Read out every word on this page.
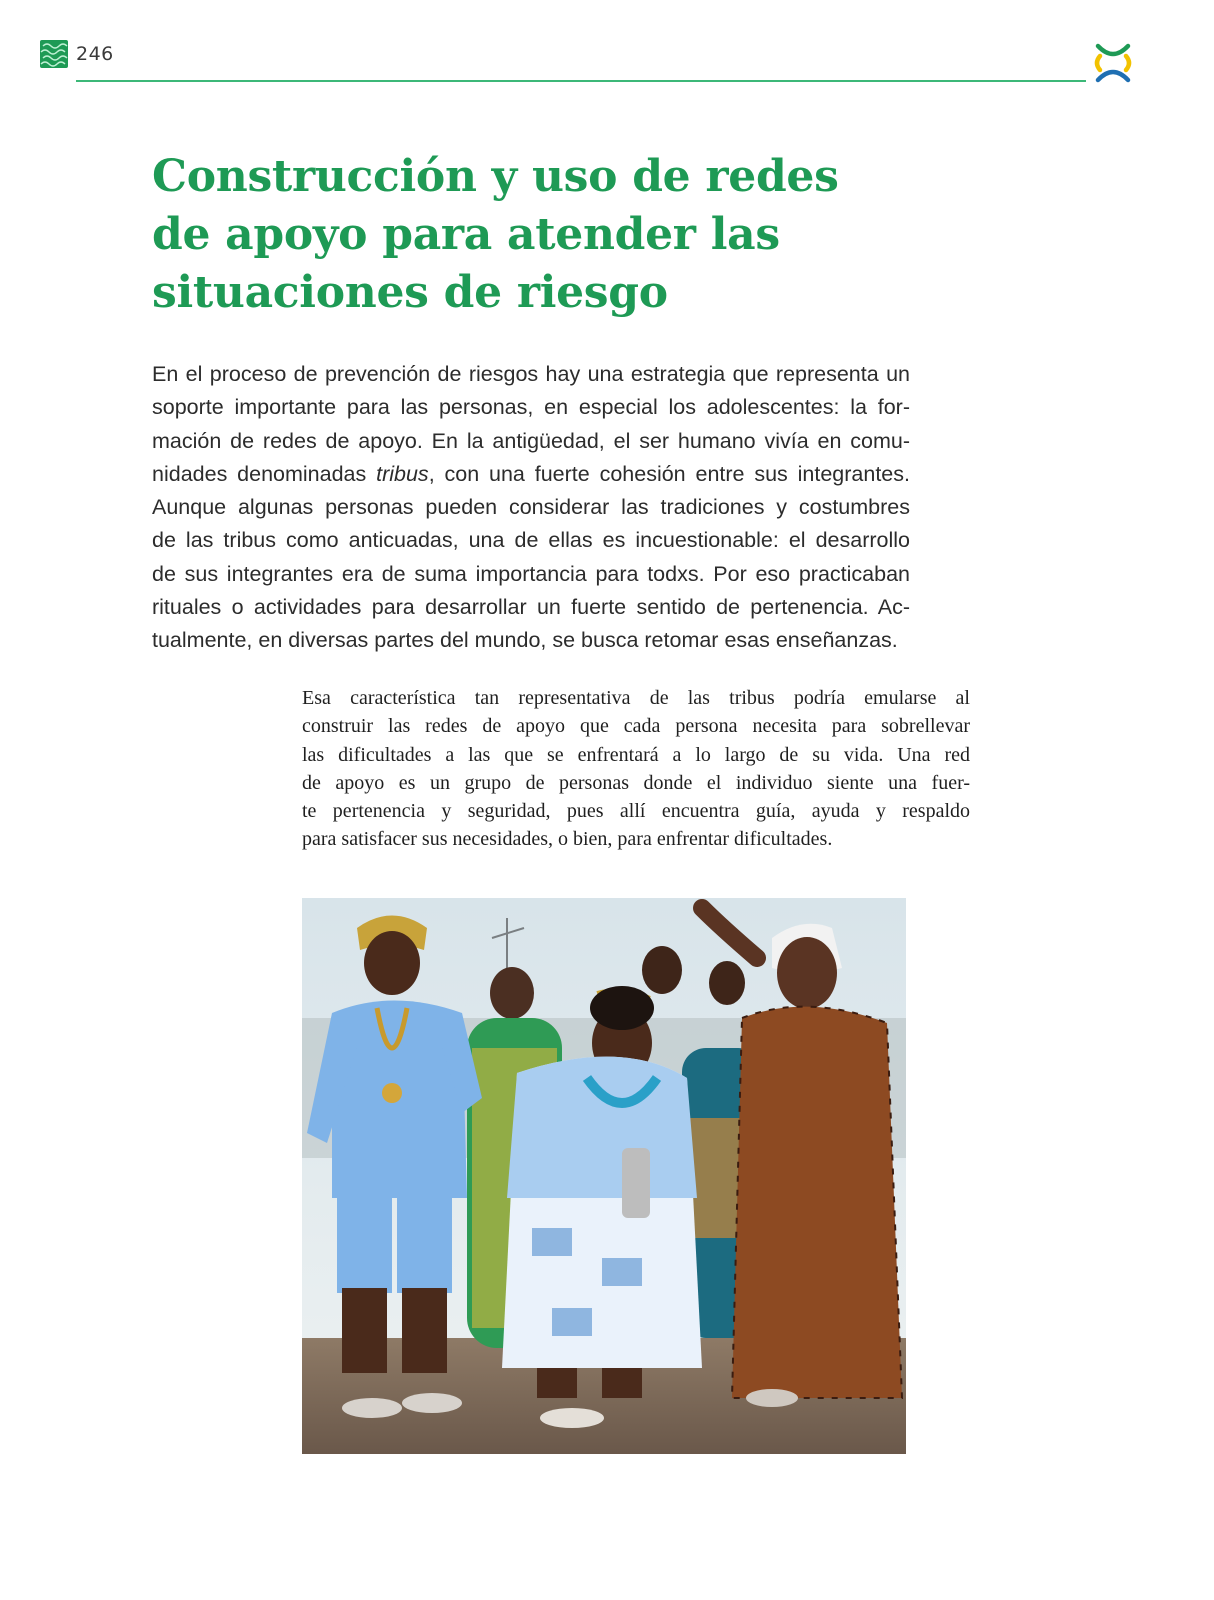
246
Construcción y uso de redes
de apoyo para atender las
situaciones de riesgo

En el proceso de prevención de riesgos hay una estrategia que representa un
soporte importante para las personas, en especial los adolescentes: la for-
mación de redes de apoyo. En la antigüedad, el ser humano vivía en comu-
nidades denominadas tribus, con una fuerte cohesión entre sus integrantes.
Aunque algunas personas pueden considerar las tradiciones y costumbres
de las tribus como anticuadas, una de ellas es incuestionable: el desarrollo
de sus integrantes era de suma importancia para todxs. Por eso practicaban
rituales o actividades para desarrollar un fuerte sentido de pertenencia. Ac-
tualmente, en diversas partes del mundo, se busca retomar esas enseñanzas.

Esa característica tan representativa de las tribus podría emularse al
construir las redes de apoyo que cada persona necesita para sobrellevar
las dificultades a las que se enfrentará a lo largo de su vida. Una red
de apoyo es un grupo de personas donde el individuo siente una fuer-
te pertenencia y seguridad, pues allí encuentra guía, ayuda y respaldo
para satisfacer sus necesidades, o bien, para enfrentar dificultades.
